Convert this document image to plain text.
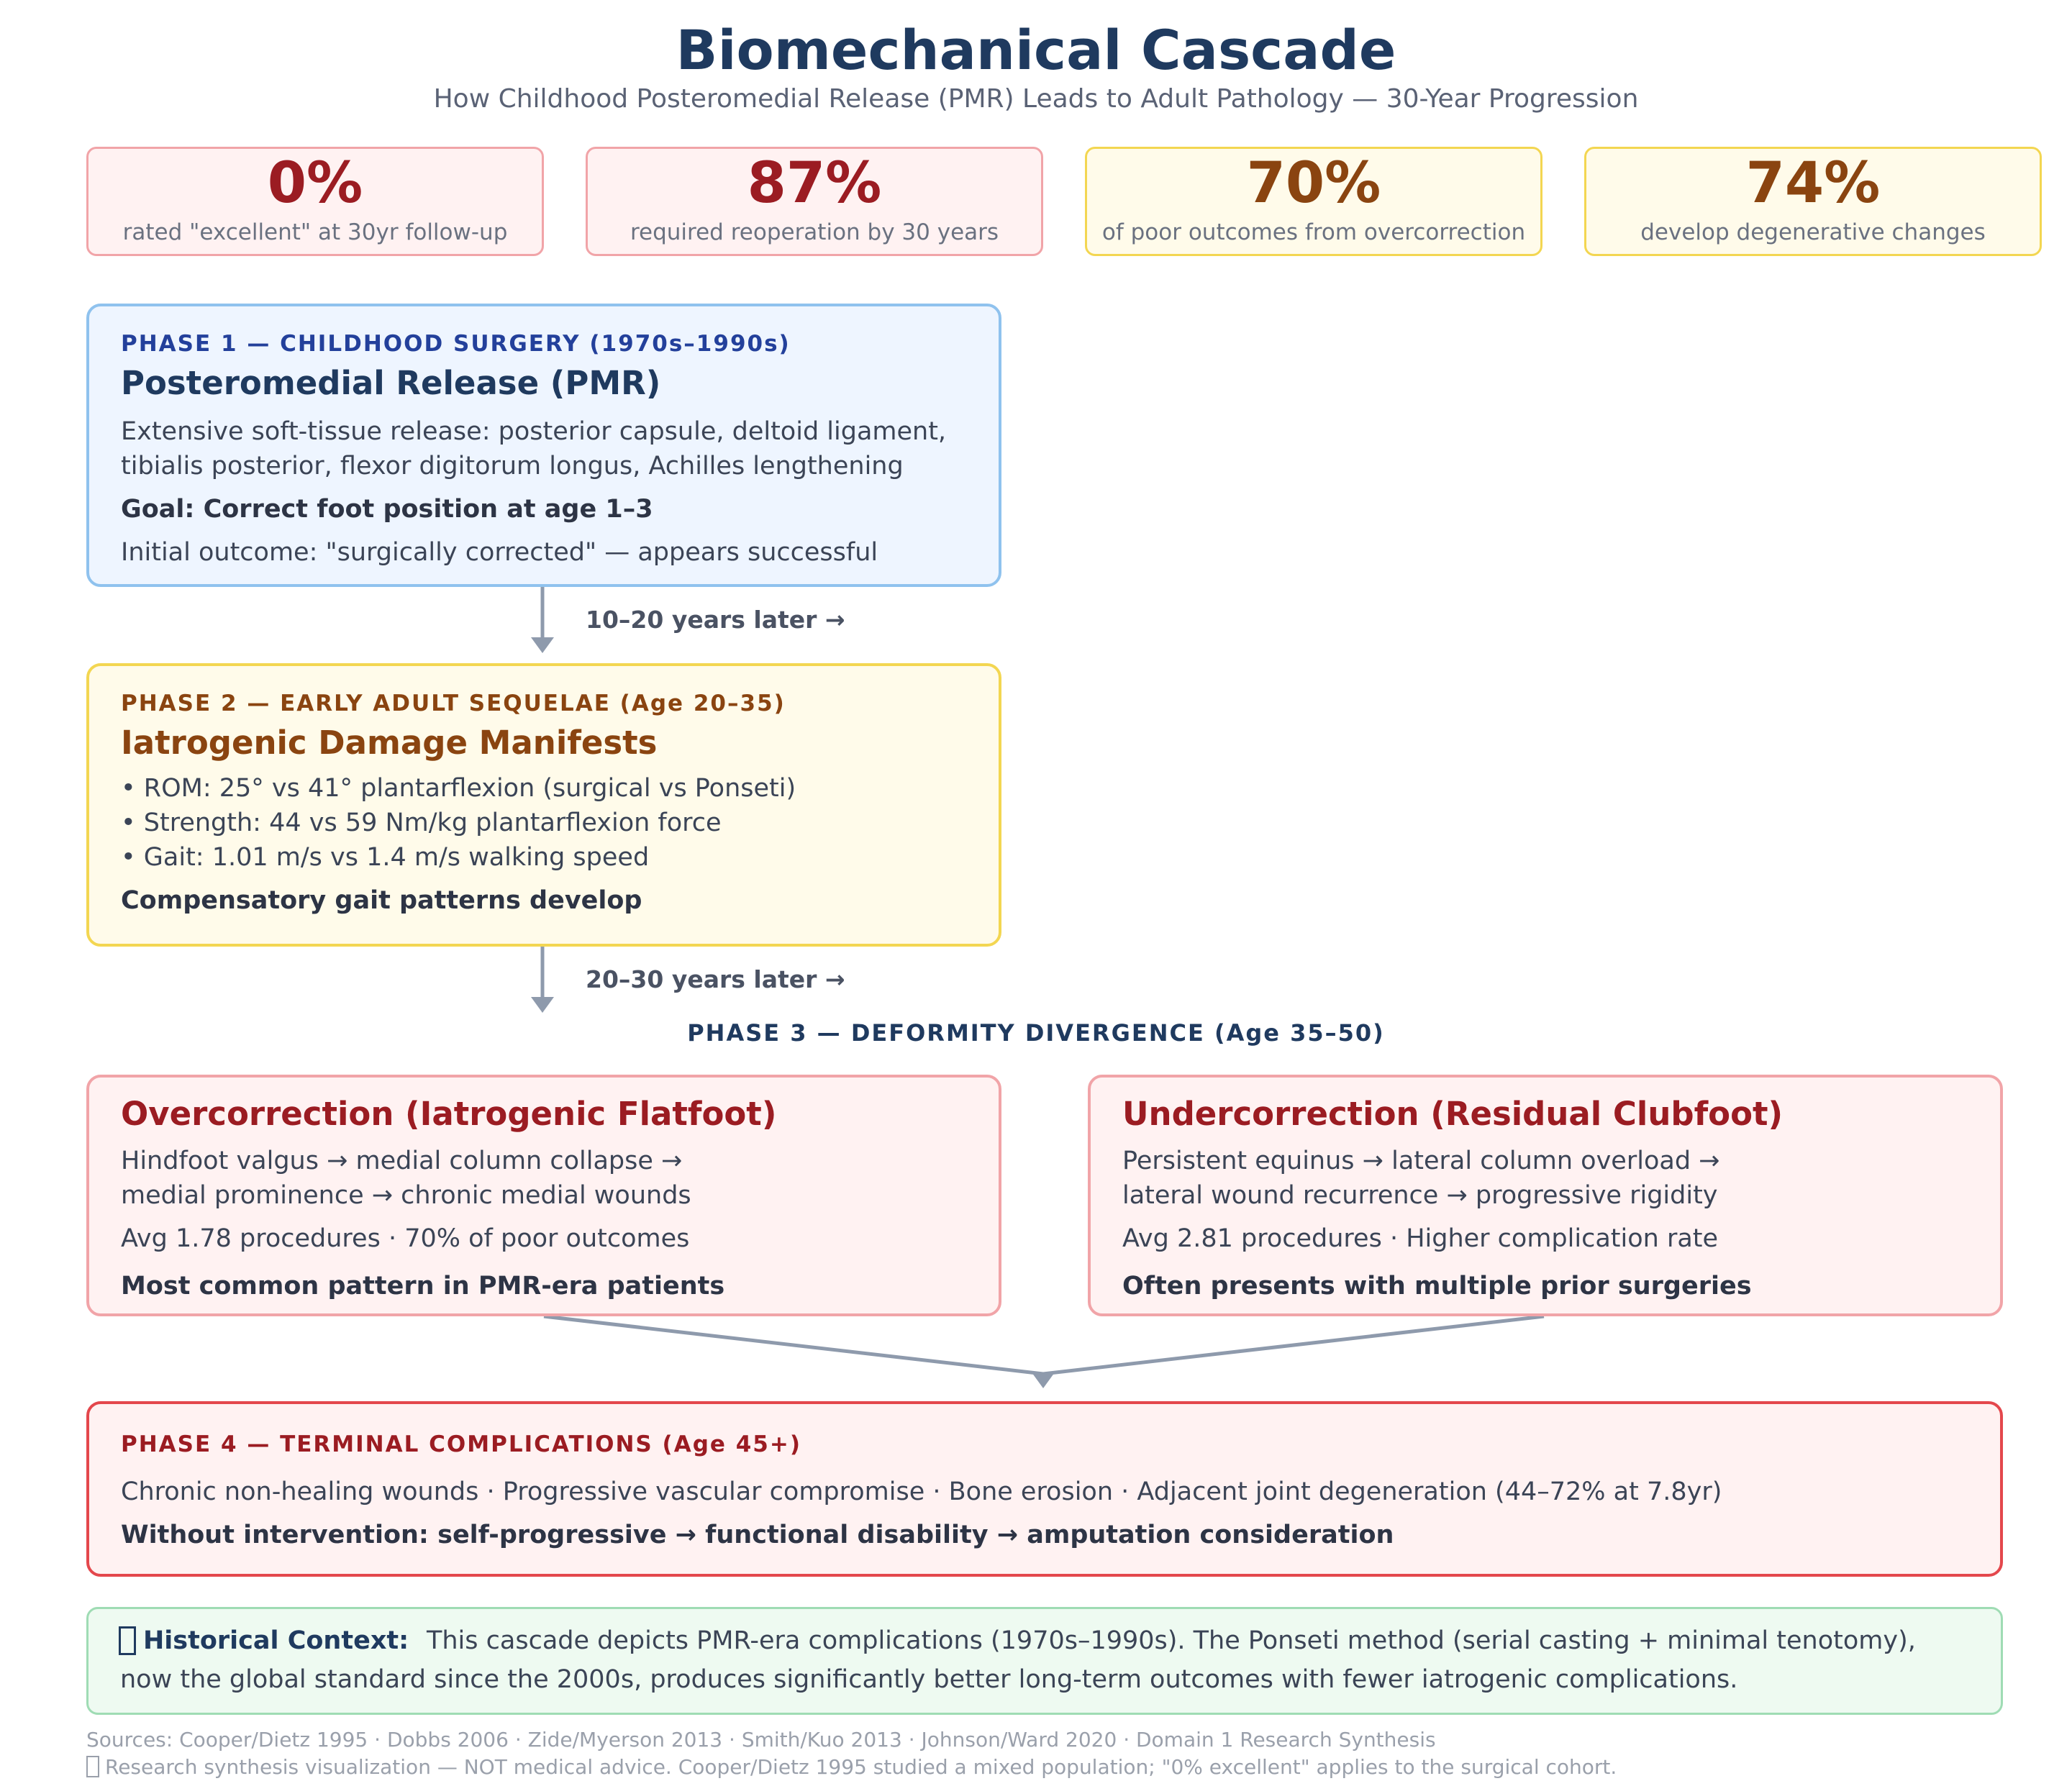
Biomechanical Cascade
How Childhood Posteromedial Release (PMR) Leads to Adult Pathology — 30-Year Progression
0%
rated "excellent" at 30yr follow-up
87%
required reoperation by 30 years
70%
of poor outcomes from overcorrection
74%
develop degenerative changes
PHASE 1 — CHILDHOOD SURGERY (1970s–1990s)
Posteromedial Release (PMR)
Extensive soft-tissue release: posterior capsule, deltoid ligament,
tibialis posterior, flexor digitorum longus, Achilles lengthening
Goal: Correct foot position at age 1–3
Initial outcome: "surgically corrected" — appears successful
10–20 years later →
PHASE 2 — EARLY ADULT SEQUELAE (Age 20–35)
Iatrogenic Damage Manifests
• ROM: 25° vs 41° plantarflexion (surgical vs Ponseti)
• Strength: 44 vs 59 Nm/kg plantarflexion force
• Gait: 1.01 m/s vs 1.4 m/s walking speed
Compensatory gait patterns develop
20–30 years later →
PHASE 3 — DEFORMITY DIVERGENCE (Age 35–50)
Overcorrection (Iatrogenic Flatfoot)
Hindfoot valgus → medial column collapse →
medial prominence → chronic medial wounds
Avg 1.78 procedures · 70% of poor outcomes
Most common pattern in PMR-era patients
Undercorrection (Residual Clubfoot)
Persistent equinus → lateral column overload →
lateral wound recurrence → progressive rigidity
Avg 2.81 procedures · Higher complication rate
Often presents with multiple prior surgeries
PHASE 4 — TERMINAL COMPLICATIONS (Age 45+)
Chronic non-healing wounds · Progressive vascular compromise · Bone erosion · Adjacent joint degeneration (44–72% at 7.8yr)
Without intervention: self-progressive → functional disability → amputation consideration
Historical Context: This cascade depicts PMR-era complications (1970s–1990s). The Ponseti method (serial casting + minimal tenotomy),
now the global standard since the 2000s, produces significantly better long-term outcomes with fewer iatrogenic complications.
Sources: Cooper/Dietz 1995 · Dobbs 2006 · Zide/Myerson 2013 · Smith/Kuo 2013 · Johnson/Ward 2020 · Domain 1 Research Synthesis
Research synthesis visualization — NOT medical advice. Cooper/Dietz 1995 studied a mixed population; "0% excellent" applies to the surgical cohort.
